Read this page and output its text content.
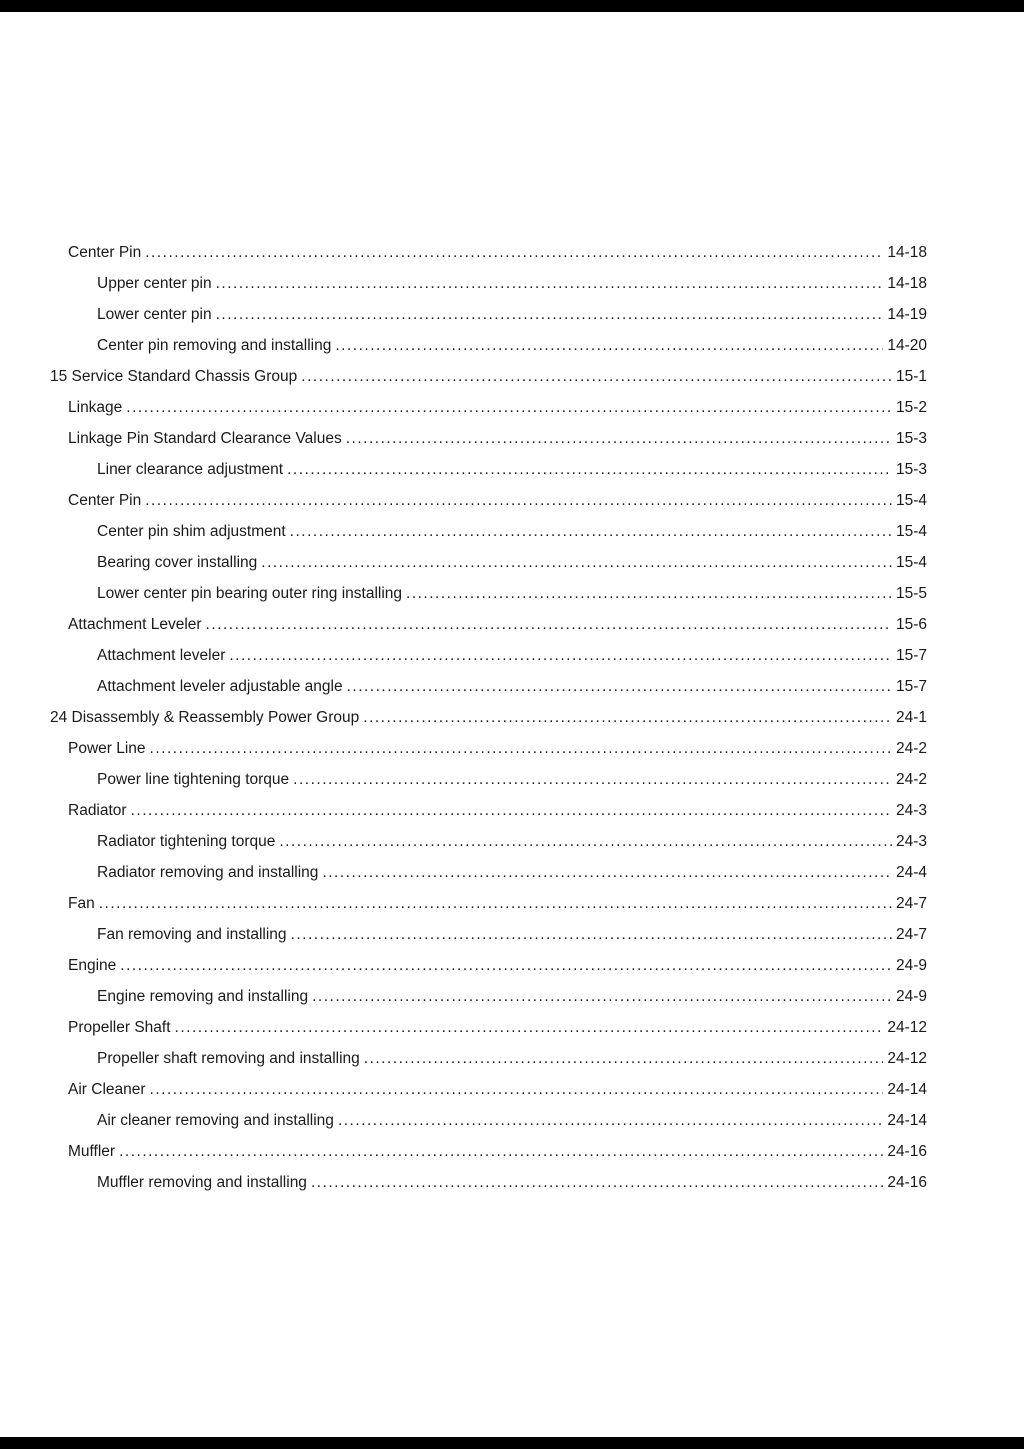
Center Pin .....	14-18
Upper center pin .....	14-18
Lower center pin .....	14-19
Center pin removing and installing .....	14-20
15 Service Standard Chassis Group .....	15-1
Linkage .....	15-2
Linkage Pin Standard Clearance Values .....	15-3
Liner clearance adjustment .....	15-3
Center Pin .....	15-4
Center pin shim adjustment .....	15-4
Bearing cover installing .....	15-4
Lower center pin bearing outer ring installing .....	15-5
Attachment Leveler .....	15-6
Attachment leveler .....	15-7
Attachment leveler adjustable angle .....	15-7
24 Disassembly & Reassembly Power Group .....	24-1
Power Line .....	24-2
Power line tightening torque .....	24-2
Radiator .....	24-3
Radiator tightening torque .....	24-3
Radiator removing and installing .....	24-4
Fan .....	24-7
Fan removing and installing .....	24-7
Engine .....	24-9
Engine removing and installing .....	24-9
Propeller Shaft .....	24-12
Propeller shaft removing and installing .....	24-12
Air Cleaner .....	24-14
Air cleaner removing and installing .....	24-14
Muffler .....	24-16
Muffler removing and installing .....	24-16
